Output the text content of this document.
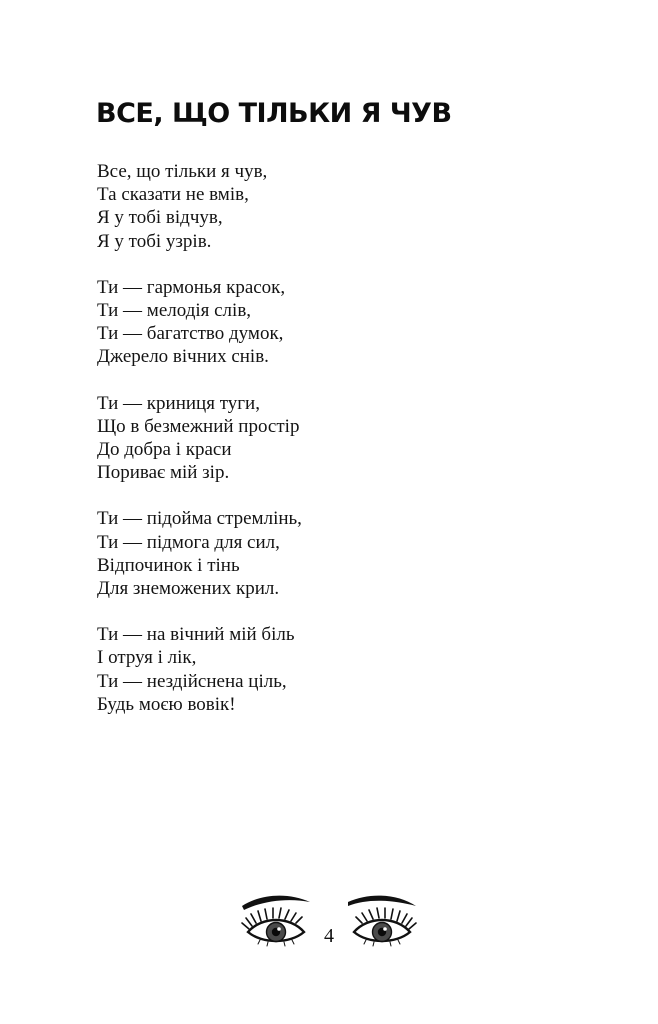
ВСЕ, ЩО ТІЛЬКИ Я ЧУВ
Все, що тільки я чув,
Та сказати не вмів,
Я у тобі відчув,
Я у тобі узрів.
Ти — гармонья красок,
Ти — мелодія слів,
Ти — багатство думок,
Джерело вічних снів.
Ти — криниця туги,
Що в безмежний простір
До добра і краси
Пориває мій зір.
Ти — підойма стремлінь,
Ти — підмога для сил,
Відпочинок і тінь
Для знеможених крил.
Ти — на вічний мій біль
І отруя і лік,
Ти — нездійснена ціль,
Будь моєю вовік!
4
